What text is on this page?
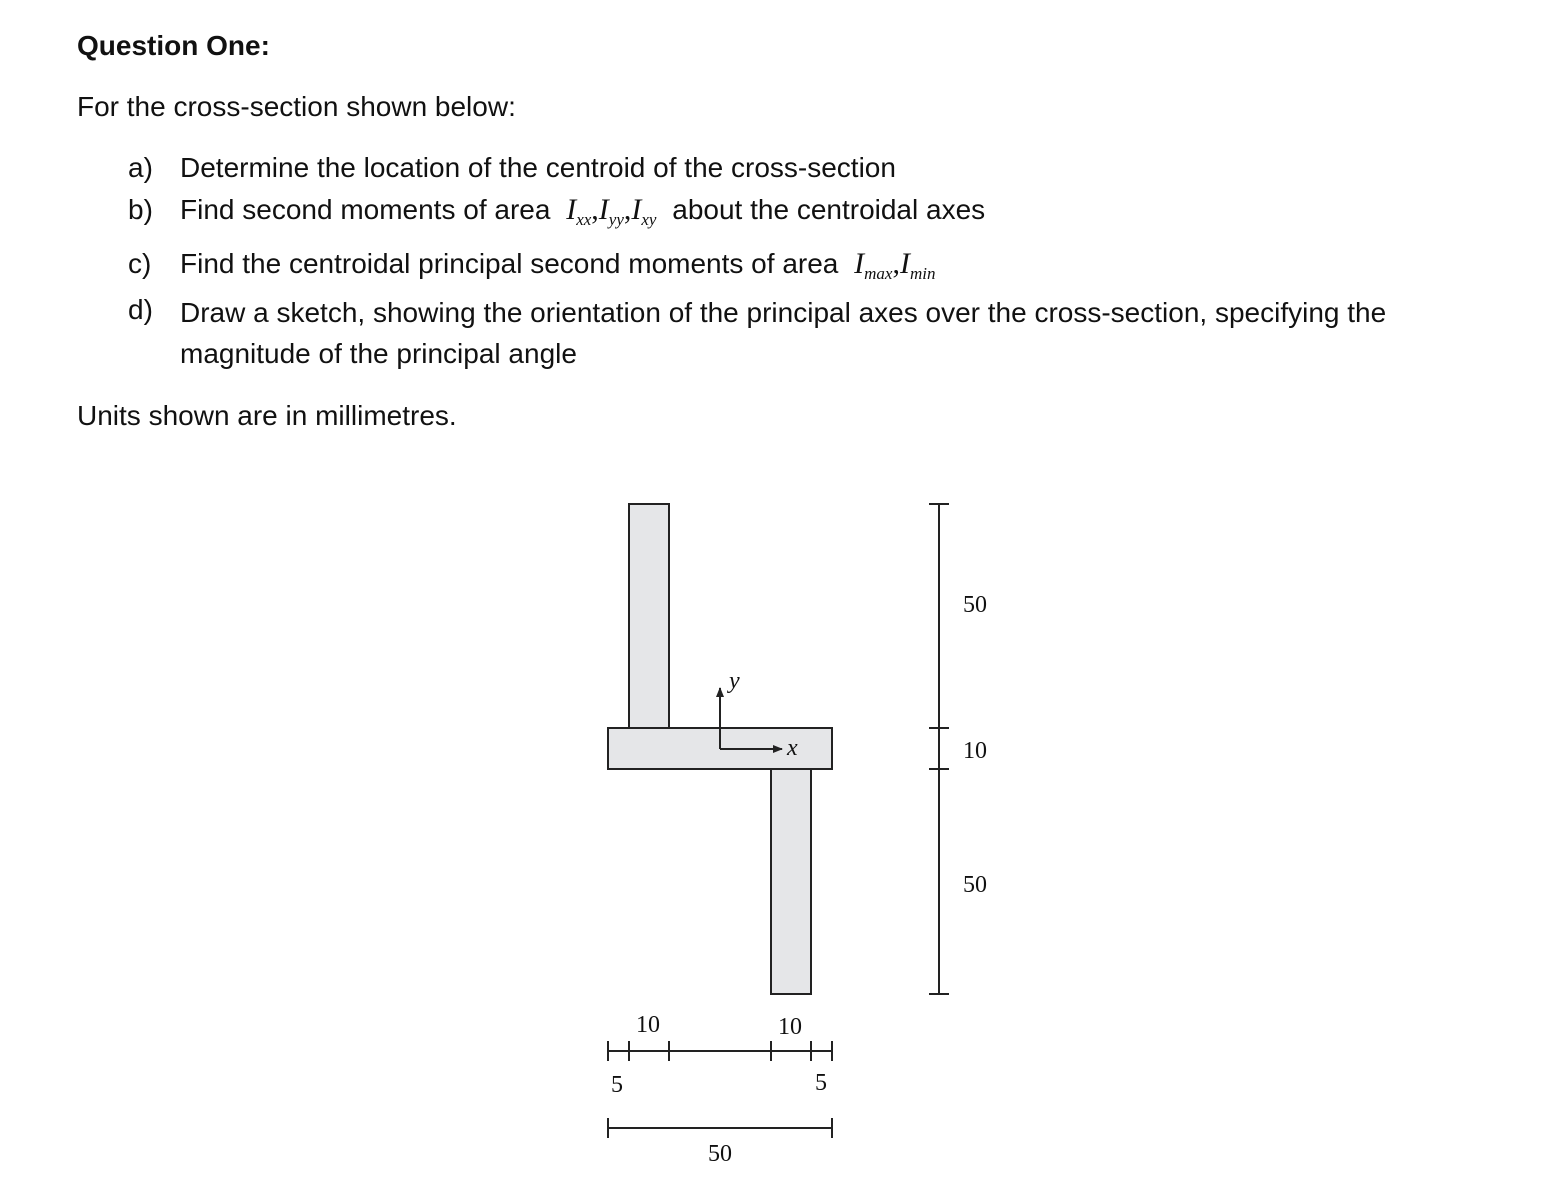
Question One:

For the cross-section shown below:

a) Determine the location of the centroid of the cross-section
b) Find second moments of area $I_{xx},I_{yy},I_{xy}$ about the centroidal axes
c) Find the centroidal principal second moments of area $I_{max},I_{min}$
d) Draw a sketch, showing the orientation of the principal axes over the cross-section, specifying the magnitude of the principal angle

Units shown are in millimetres.

y
x
50
10
50
10	10
5	5
50
